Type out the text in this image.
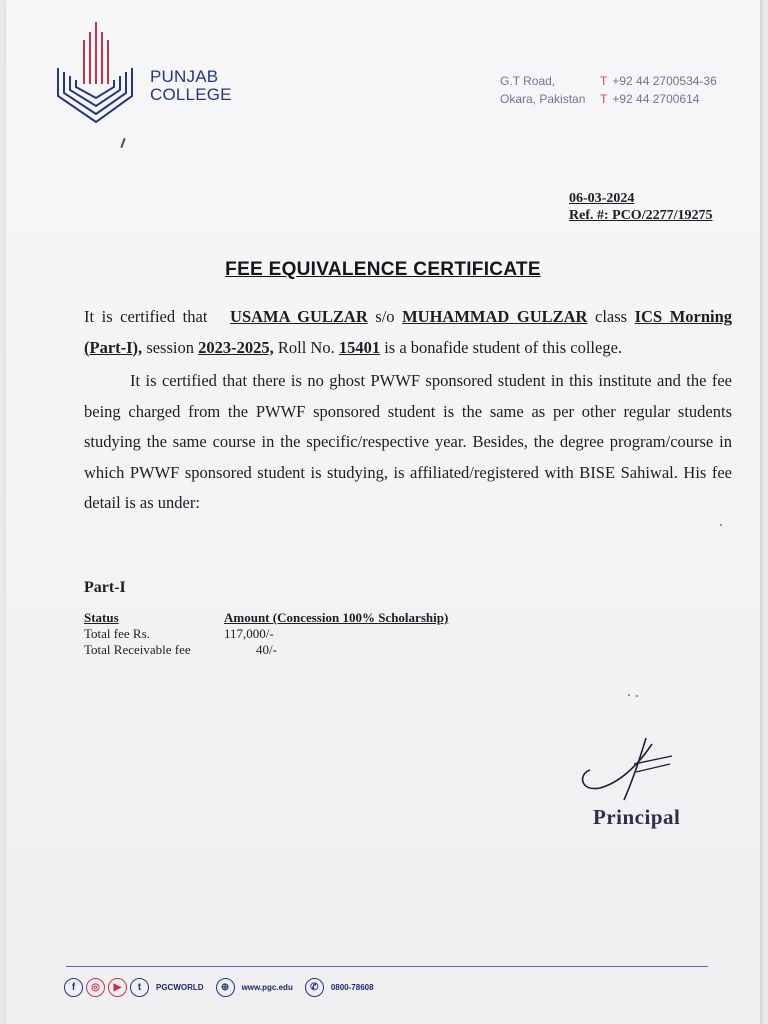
PUNJAB
COLLEGE
G.T Road,	T +92 44 2700534-36
Okara, Pakistan	T +92 44 2700614
06-03-2024
Ref. #: PCO/2277/19275
FEE EQUIVALENCE CERTIFICATE

It is certified that USAMA GULZAR s/o MUHAMMAD GULZAR class ICS Morning (Part-I), session 2023-2025, Roll No. 15401 is a bonafide student of this college.

It is certified that there is no ghost PWWF sponsored student in this institute and the fee being charged from the PWWF sponsored student is the same as per other regular students studying the same course in the specific/respective year. Besides, the degree program/course in which PWWF sponsored student is studying, is affiliated/registered with BISE Sahiwal. His fee detail is as under:

Part-I
Status	Amount (Concession 100% Scholarship)
Total fee Rs.	117,000/-
Total Receivable fee	40/-
Principal
f	◎	▶	t	PGCWORLD	⊕	www.pgc.edu	✆	0800-78608
